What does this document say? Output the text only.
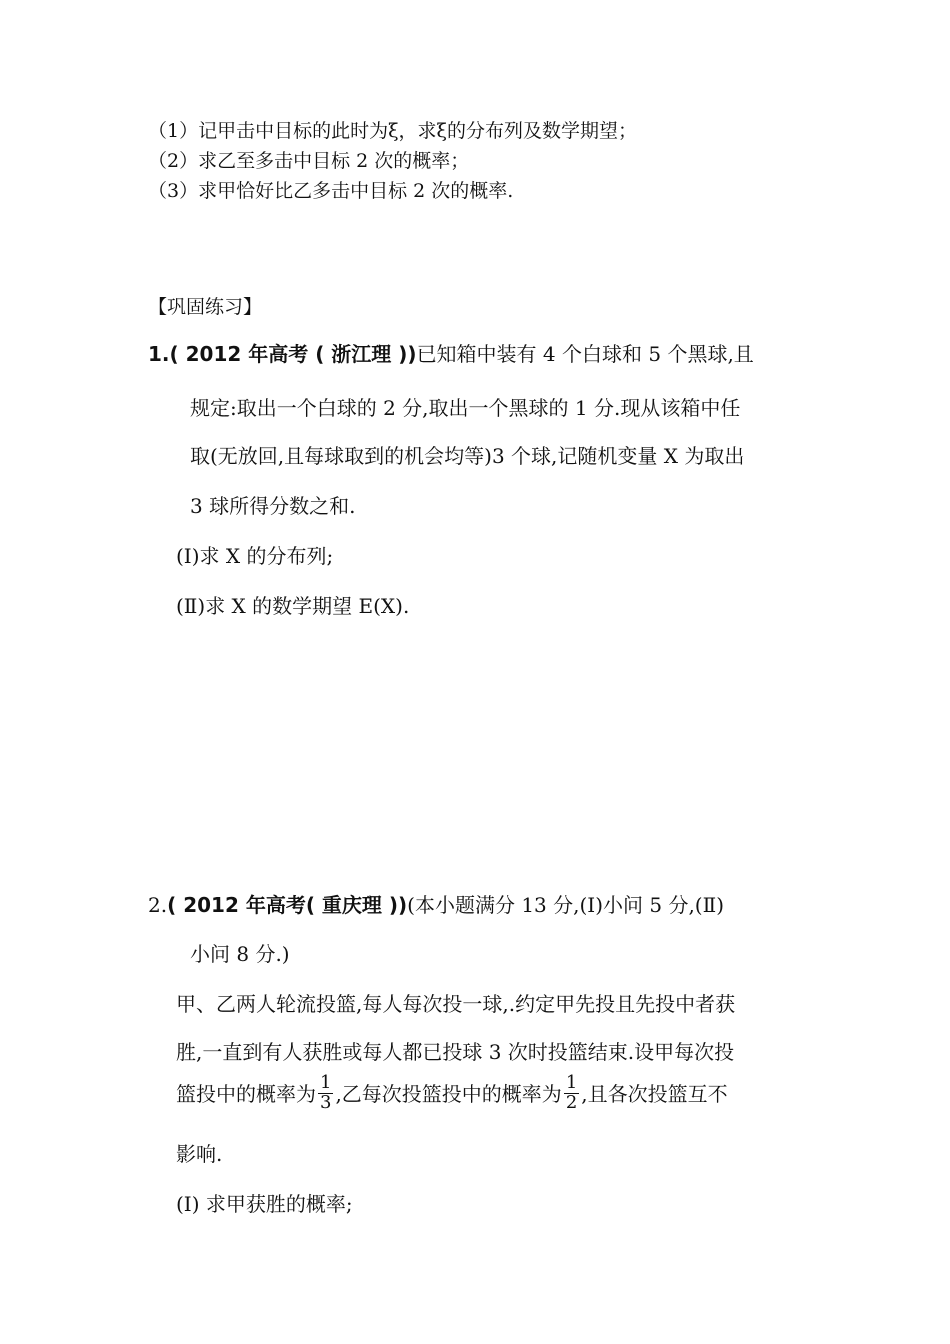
（1）记甲击中目标的此时为ξ，求ξ的分布列及数学期望；
（2）求乙至多击中目标 2 次的概率；
（3）求甲恰好比乙多击中目标 2 次的概率.
【巩固练习】
1.( 2012 年高考 ( 浙江理 ))已知箱中装有 4 个白球和 5 个黑球,且
规定:取出一个白球的 2 分,取出一个黑球的 1 分.现从该箱中任
取(无放回,且每球取到的机会均等)3 个球,记随机变量 X 为取出
3 球所得分数之和.
(Ⅰ)求 X 的分布列;
(Ⅱ)求 X 的数学期望 E(X).
2.( 2012 年高考( 重庆理 ))(本小题满分 13 分,(Ⅰ)小问 5 分,(Ⅱ)
小问 8 分.)
甲、乙两人轮流投篮,每人每次投一球,.约定甲先投且先投中者获
胜,一直到有人获胜或每人都已投球 3 次时投篮结束.设甲每次投
篮投中的概率为 $\frac{1}{3}$ ,乙每次投篮投中的概率为 $\frac{1}{2}$ ,且各次投篮互不
影响.
(Ⅰ) 求甲获胜的概率;
